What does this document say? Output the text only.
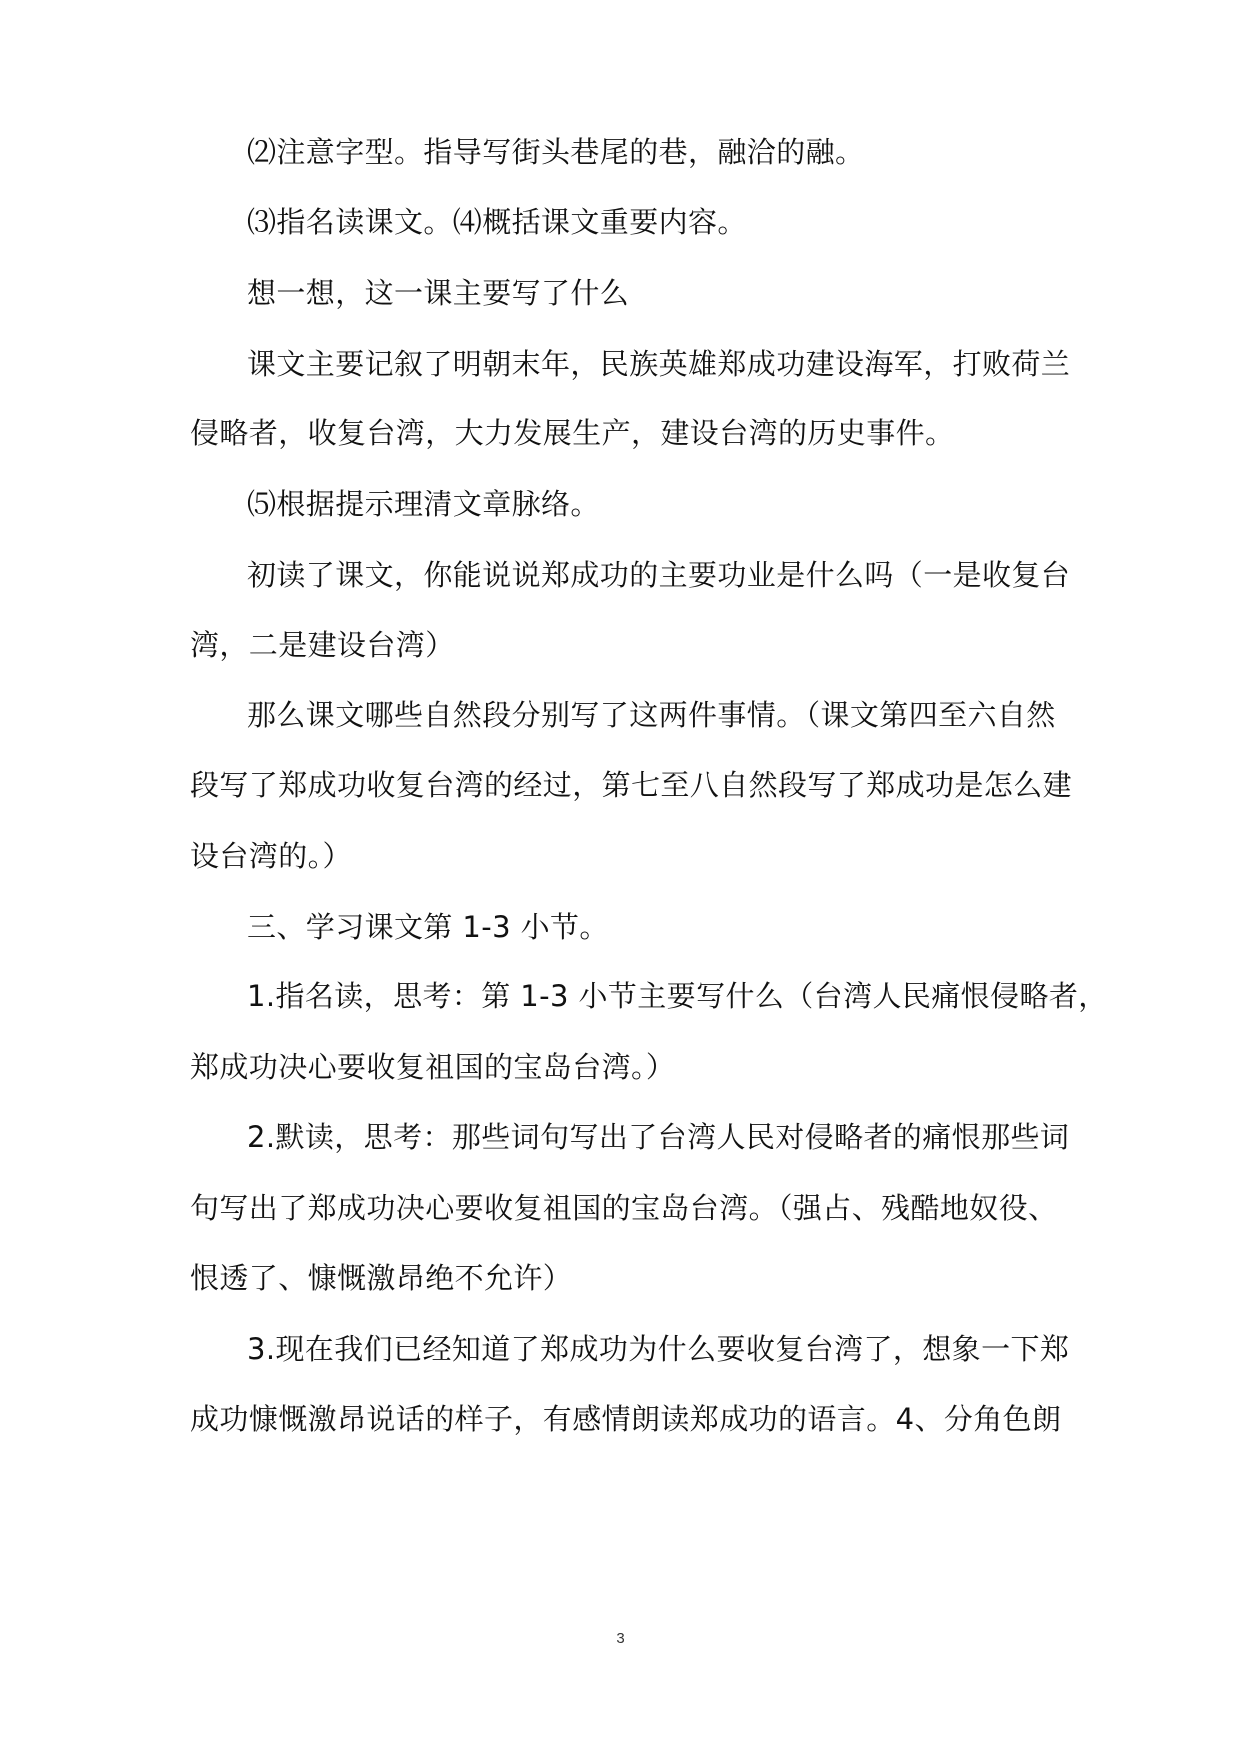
⑵注意字型。指导写街头巷尾的巷，融洽的融。
⑶指名读课文。⑷概括课文重要内容。
想一想，这一课主要写了什么
课文主要记叙了明朝末年，民族英雄郑成功建设海军，打败荷兰
侵略者，收复台湾，大力发展生产，建设台湾的历史事件。
⑸根据提示理清文章脉络。
初读了课文，你能说说郑成功的主要功业是什么吗（一是收复台
湾，二是建设台湾）
那么课文哪些自然段分别写了这两件事情。（课文第四至六自然
段写了郑成功收复台湾的经过，第七至八自然段写了郑成功是怎么建
设台湾的。）
三、学习课文第 1-3 小节。
1.指名读，思考：第 1-3 小节主要写什么（台湾人民痛恨侵略者，
郑成功决心要收复祖国的宝岛台湾。）
2.默读，思考：那些词句写出了台湾人民对侵略者的痛恨那些词
句写出了郑成功决心要收复祖国的宝岛台湾。（强占、残酷地奴役、
恨透了、慷慨激昂绝不允许）
3.现在我们已经知道了郑成功为什么要收复台湾了，想象一下郑
成功慷慨激昂说话的样子，有感情朗读郑成功的语言。4、分角色朗
3
